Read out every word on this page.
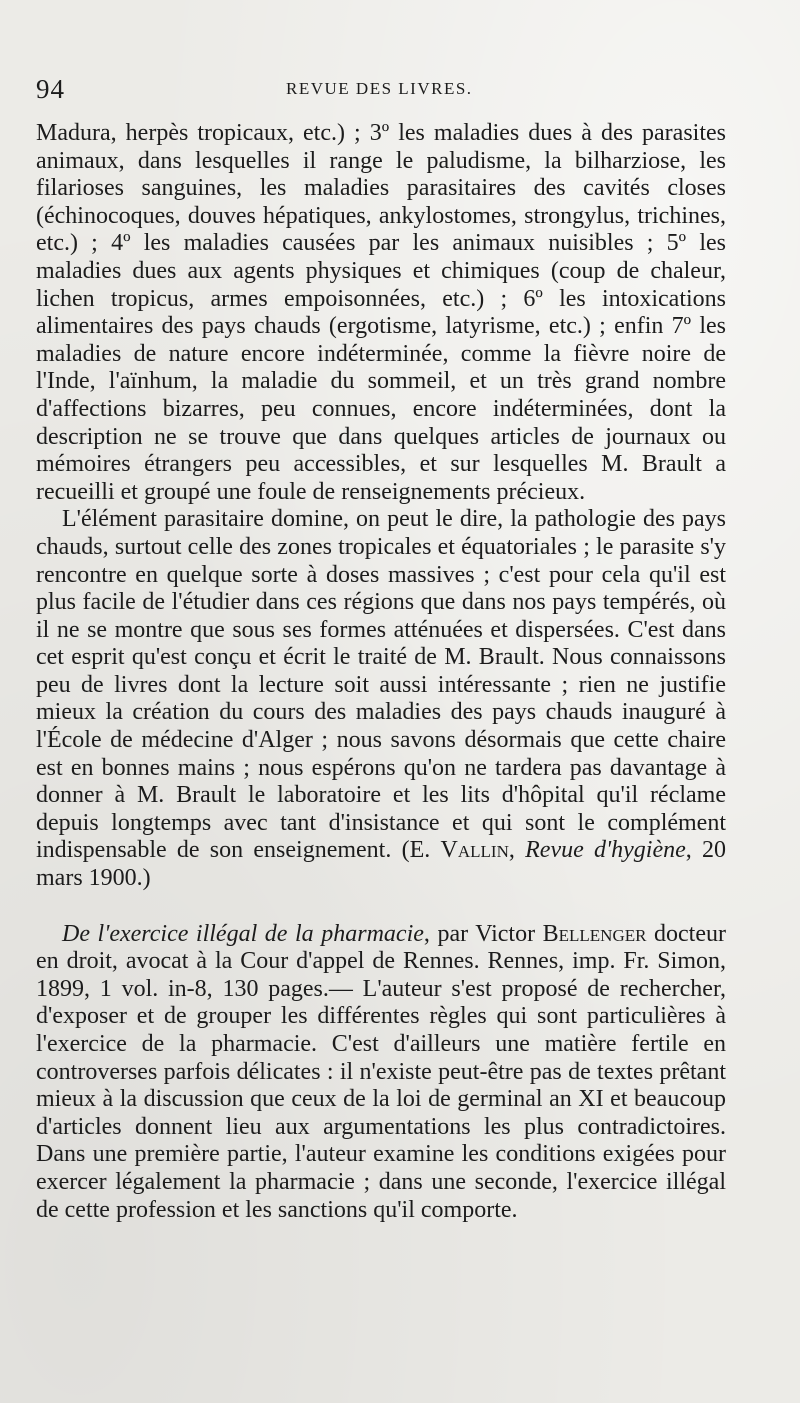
94	REVUE DES LIVRES.

Madura, herpès tropicaux, etc.) ; 3º les maladies dues à des parasites animaux, dans lesquelles il range le paludisme, la bilharziose, les filarioses sanguines, les maladies parasitaires des cavités closes (échinocoques, douves hépatiques, ankylostomes, strongylus, trichines, etc.) ; 4º les maladies causées par les animaux nuisibles ; 5º les maladies dues aux agents physiques et chimiques (coup de chaleur, lichen tropicus, armes empoisonnées, etc.) ; 6º les intoxications alimentaires des pays chauds (ergotisme, latyrisme, etc.) ; enfin 7º les maladies de nature encore indéterminée, comme la fièvre noire de l'Inde, l'aïnhum, la maladie du sommeil, et un très grand nombre d'affections bizarres, peu connues, encore indéterminées, dont la description ne se trouve que dans quelques articles de journaux ou mémoires étrangers peu accessibles, et sur lesquelles M. Brault a recueilli et groupé une foule de renseignements précieux.

L'élément parasitaire domine, on peut le dire, la pathologie des pays chauds, surtout celle des zones tropicales et équatoriales ; le parasite s'y rencontre en quelque sorte à doses massives ; c'est pour cela qu'il est plus facile de l'étudier dans ces régions que dans nos pays tempérés, où il ne se montre que sous ses formes atténuées et dispersées. C'est dans cet esprit qu'est conçu et écrit le traité de M. Brault. Nous connaissons peu de livres dont la lecture soit aussi intéressante ; rien ne justifie mieux la création du cours des maladies des pays chauds inauguré à l'École de médecine d'Alger ; nous savons désormais que cette chaire est en bonnes mains ; nous espérons qu'on ne tardera pas davantage à donner à M. Brault le laboratoire et les lits d'hôpital qu'il réclame depuis longtemps avec tant d'insistance et qui sont le complément indispensable de son enseignement. (E. Vallin, Revue d'hygiène, 20 mars 1900.)

De l'exercice illégal de la pharmacie, par Victor Bellenger docteur en droit, avocat à la Cour d'appel de Rennes. Rennes, imp. Fr. Simon, 1899, 1 vol. in-8, 130 pages.— L'auteur s'est proposé de rechercher, d'exposer et de grouper les différentes règles qui sont particulières à l'exercice de la pharmacie. C'est d'ailleurs une matière fertile en controverses parfois délicates : il n'existe peut-être pas de textes prêtant mieux à la discussion que ceux de la loi de germinal an XI et beaucoup d'articles donnent lieu aux argumentations les plus contradictoires. Dans une première partie, l'auteur examine les conditions exigées pour exercer légalement la pharmacie ; dans une seconde, l'exercice illégal de cette profession et les sanctions qu'il comporte.
